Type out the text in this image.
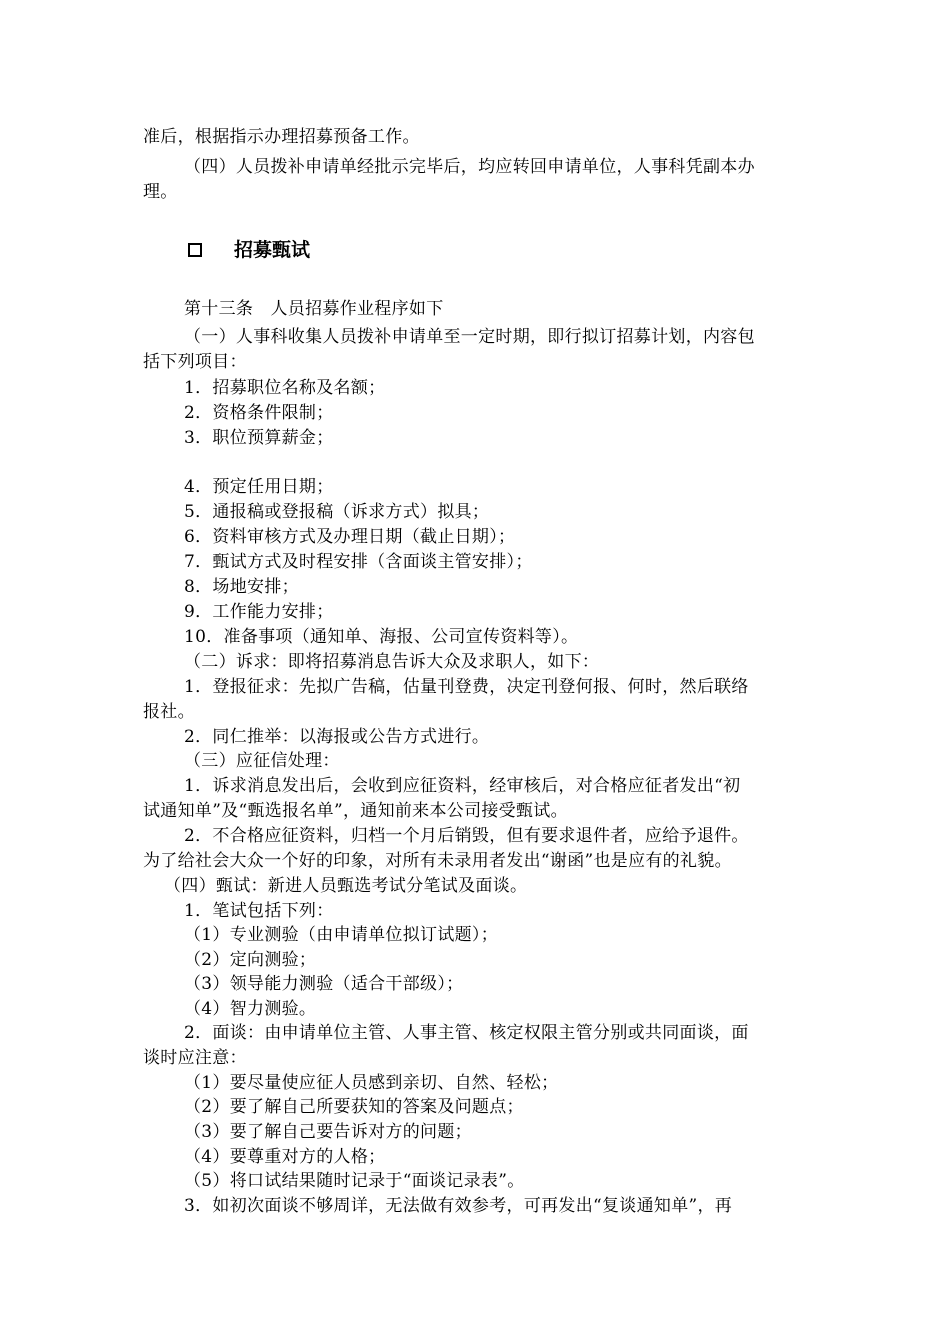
准后，根据指示办理招募预备工作。
（四）人员拨补申请单经批示完毕后，均应转回申请单位，人事科凭副本办
理。
招募甄试
第十三条　人员招募作业程序如下
（一）人事科收集人员拨补申请单至一定时期，即行拟订招募计划，内容包
括下列项目：
1．招募职位名称及名额；
2．资格条件限制；
3．职位预算薪金；
4．预定任用日期；
5．通报稿或登报稿（诉求方式）拟具；
6．资料审核方式及办理日期（截止日期）；
7．甄试方式及时程安排（含面谈主管安排）；
8．场地安排；
9．工作能力安排；
10．准备事项（通知单、海报、公司宣传资料等）。
（二）诉求：即将招募消息告诉大众及求职人，如下：
1．登报征求：先拟广告稿，估量刊登费，决定刊登何报、何时，然后联络
报社。
2．同仁推举：以海报或公告方式进行。
（三）应征信处理：
1．诉求消息发出后，会收到应征资料，经审核后，对合格应征者发出“初
试通知单”及“甄选报名单”，通知前来本公司接受甄试。
2．不合格应征资料，归档一个月后销毁，但有要求退件者，应给予退件。
为了给社会大众一个好的印象，对所有未录用者发出“谢函”也是应有的礼貌。
（四）甄试：新进人员甄选考试分笔试及面谈。
1．笔试包括下列：
（1）专业测验（由申请单位拟订试题）；
（2）定向测验；
（3）领导能力测验（适合干部级）；
（4）智力测验。
2．面谈：由申请单位主管、人事主管、核定权限主管分别或共同面谈，面
谈时应注意：
（1）要尽量使应征人员感到亲切、自然、轻松；
（2）要了解自己所要获知的答案及问题点；
（3）要了解自己要告诉对方的问题；
（4）要尊重对方的人格；
（5）将口试结果随时记录于“面谈记录表”。
3．如初次面谈不够周详，无法做有效参考，可再发出“复谈通知单”，再
